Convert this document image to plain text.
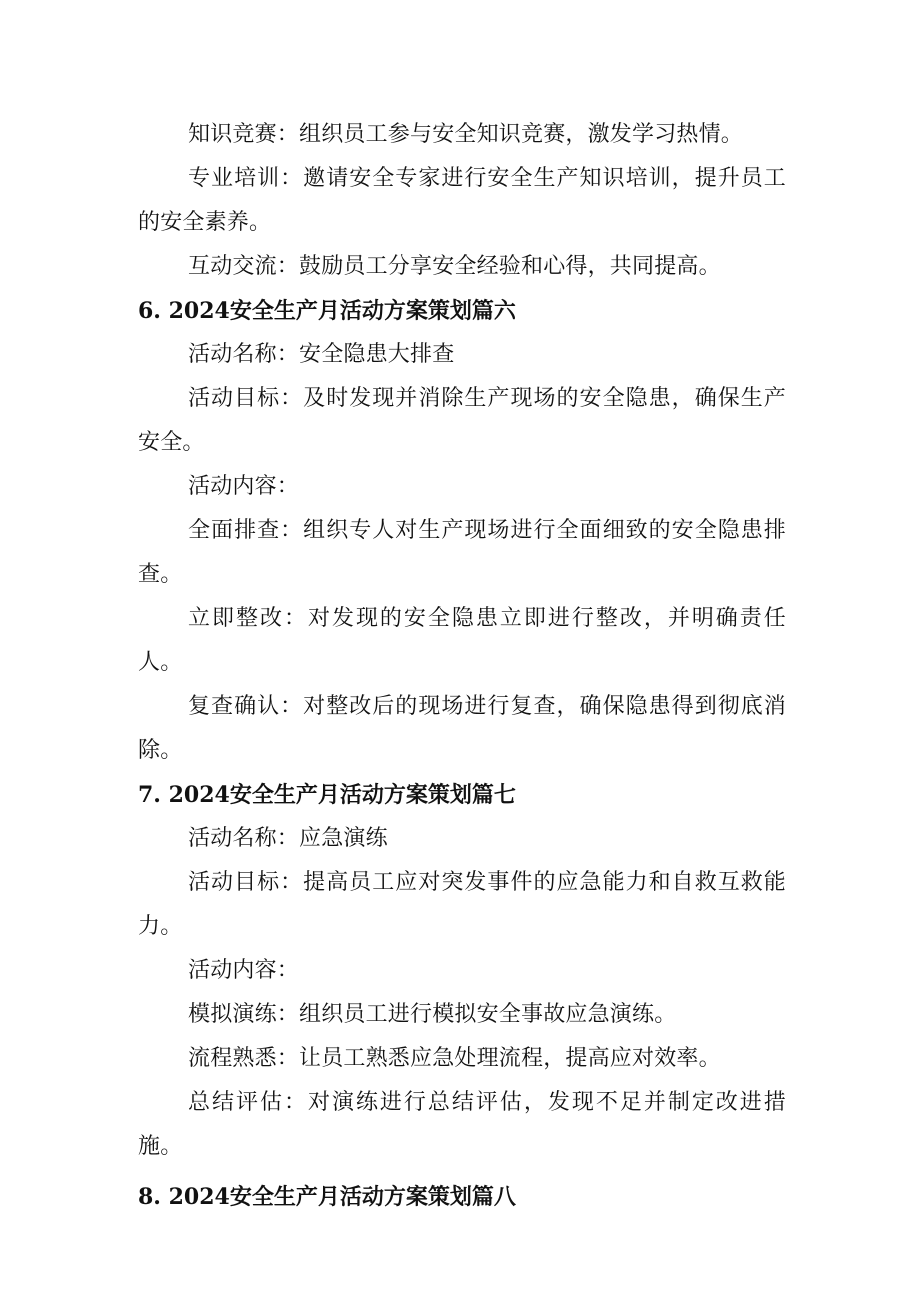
知识竞赛：组织员工参与安全知识竞赛，激发学习热情。

专业培训：邀请安全专家进行安全生产知识培训，提升员工的安全素养。

互动交流：鼓励员工分享安全经验和心得，共同提高。

6. 2024安全生产月活动方案策划篇六

活动名称：安全隐患大排查

活动目标：及时发现并消除生产现场的安全隐患，确保生产安全。

活动内容：

全面排查：组织专人对生产现场进行全面细致的安全隐患排查。

立即整改：对发现的安全隐患立即进行整改，并明确责任人。

复查确认：对整改后的现场进行复查，确保隐患得到彻底消除。

7. 2024安全生产月活动方案策划篇七

活动名称：应急演练

活动目标：提高员工应对突发事件的应急能力和自救互救能力。

活动内容：

模拟演练：组织员工进行模拟安全事故应急演练。

流程熟悉：让员工熟悉应急处理流程，提高应对效率。

总结评估：对演练进行总结评估，发现不足并制定改进措施。

8. 2024安全生产月活动方案策划篇八
